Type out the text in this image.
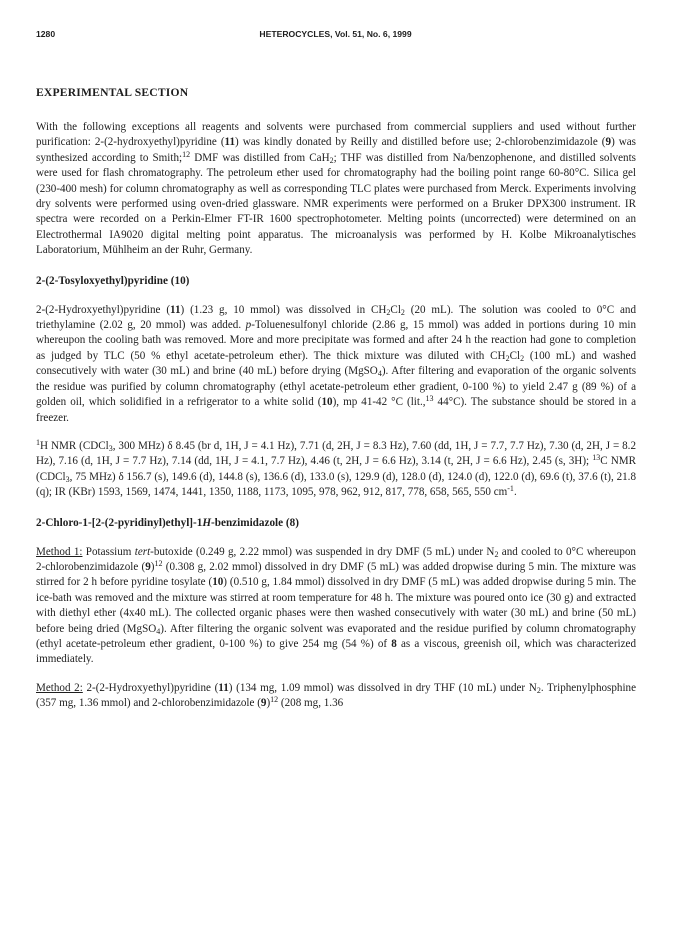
1280	HETEROCYCLES, Vol. 51, No. 6, 1999
EXPERIMENTAL SECTION

With the following exceptions all reagents and solvents were purchased from commercial suppliers and used without further purification: 2-(2-hydroxyethyl)pyridine (11) was kindly donated by Reilly and distilled before use; 2-chlorobenzimidazole (9) was synthesized according to Smith;$^{12}$ DMF was distilled from CaH$_2$; THF was distilled from Na/benzophenone, and distilled solvents were used for flash chromatography. The petroleum ether used for chromatography had the boiling point range 60-80°C. Silica gel (230-400 mesh) for column chromatography as well as corresponding TLC plates were purchased from Merck. Experiments involving dry solvents were performed using oven-dried glassware. NMR experiments were performed on a Bruker DPX300 instrument. IR spectra were recorded on a Perkin-Elmer FT-IR 1600 spectrophotometer. Melting points (uncorrected) were determined on an Electrothermal IA9020 digital melting point apparatus. The microanalysis was performed by H. Kolbe Mikroanalytisches Laboratorium, Mühlheim an der Ruhr, Germany.

2-(2-Tosyloxyethyl)pyridine (10)

2-(2-Hydroxyethyl)pyridine (11) (1.23 g, 10 mmol) was dissolved in $CH_2Cl_2$ (20 mL). The solution was cooled to 0°C and triethylamine (2.02 g, 20 mmol) was added. p-Toluenesulfonyl chloride (2.86 g, 15 mmol) was added in portions during 10 min whereupon the cooling bath was removed. More and more precipitate was formed and after 24 h the reaction had gone to completion as judged by TLC (50 % ethyl acetate-petroleum ether). The thick mixture was diluted with $CH_2Cl_2$ (100 mL) and washed consecutively with water (30 mL) and brine (40 mL) before drying (MgSO$_4$). After filtering and evaporation of the organic solvents the residue was purified by column chromatography (ethyl acetate-petroleum ether gradient, 0-100 %) to yield 2.47 g (89 %) of a golden oil, which solidified in a refrigerator to a white solid (10), mp 41-42 °C (lit.,$^{13}$ 44°C). The substance should be stored in a freezer.

$^1$H NMR (CDCl$_3$, 300 MHz) δ 8.45 (br d, 1H, J = 4.1 Hz), 7.71 (d, 2H, J = 8.3 Hz), 7.60 (dd, 1H, J = 7.7, 7.7 Hz), 7.30 (d, 2H, J = 8.2 Hz), 7.16 (d, 1H, J = 7.7 Hz), 7.14 (dd, 1H, J = 4.1, 7.7 Hz), 4.46 (t, 2H, J = 6.6 Hz), 3.14 (t, 2H, J = 6.6 Hz), 2.45 (s, 3H); $^{13}$C NMR (CDCl$_3$, 75 MHz) δ 156.7 (s), 149.6 (d), 144.8 (s), 136.6 (d), 133.0 (s), 129.9 (d), 128.0 (d), 124.0 (d), 122.0 (d), 69.6 (t), 37.6 (t), 21.8 (q); IR (KBr) 1593, 1569, 1474, 1441, 1350, 1188, 1173, 1095, 978, 962, 912, 817, 778, 658, 565, 550 $cm^{-1}$.

2-Chloro-1-[2-(2-pyridinyl)ethyl]-1H-benzimidazole (8)

Method 1: Potassium tert-butoxide (0.249 g, 2.22 mmol) was suspended in dry DMF (5 mL) under $N_2$ and cooled to 0°C whereupon 2-chlorobenzimidazole $(9)^{12}$ (0.308 g, 2.02 mmol) dissolved in dry DMF (5 mL) was added dropwise during 5 min. The mixture was stirred for 2 h before pyridine tosylate (10) (0.510 g, 1.84 mmol) dissolved in dry DMF (5 mL) was added dropwise during 5 min. The ice-bath was removed and the mixture was stirred at room temperature for 48 h. The mixture was poured onto ice (30 g) and extracted with diethyl ether (4x40 mL). The collected organic phases were then washed consecutively with water (30 mL) and brine (50 mL) before being dried (MgSO$_4$). After filtering the organic solvent was evaporated and the residue purified by column chromatography (ethyl acetate-petroleum ether gradient, 0-100 %) to give 254 mg (54 %) of 8 as a viscous, greenish oil, which was characterized immediately.

Method 2: 2-(2-Hydroxyethyl)pyridine (11) (134 mg, 1.09 mmol) was dissolved in dry THF (10 mL) under $N_2$. Triphenylphosphine (357 mg, 1.36 mmol) and 2-chlorobenzimidazole $(9)^{12}$ (208 mg, 1.36
